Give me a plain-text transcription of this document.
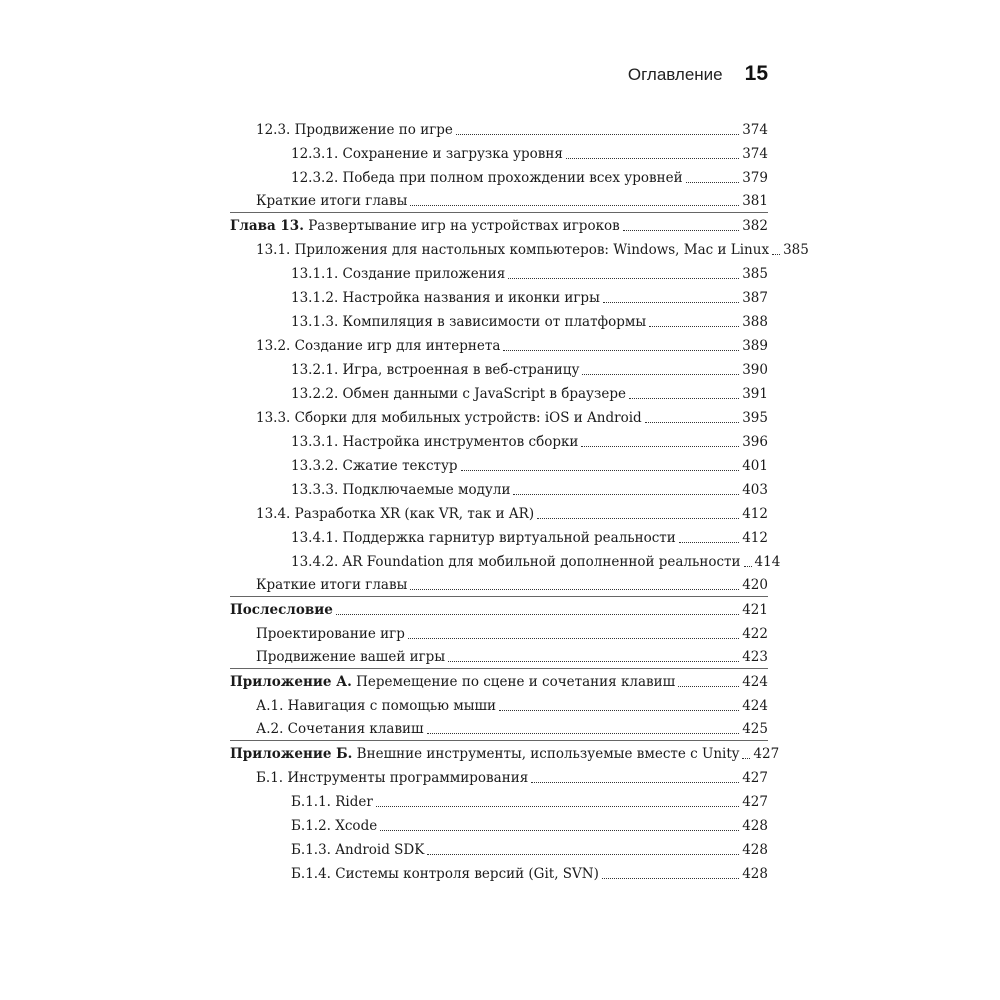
Оглавление 15
12.3. Продвижение по игре	374
12.3.1. Сохранение и загрузка уровня	374
12.3.2. Победа при полном прохождении всех уровней	379
Краткие итоги главы	381
Глава 13. Развертывание игр на устройствах игроков	382
13.1. Приложения для настольных компьютеров: Windows, Mac и Linux 385
13.1.1. Создание приложения	385
13.1.2. Настройка названия и иконки игры	387
13.1.3. Компиляция в зависимости от платформы	388
13.2. Создание игр для интернета	389
13.2.1. Игра, встроенная в веб-страницу	390
13.2.2. Обмен данными с JavaScript в браузере	391
13.3. Сборки для мобильных устройств: iOS и Android	395
13.3.1. Настройка инструментов сборки	396
13.3.2. Сжатие текстур	401
13.3.3. Подключаемые модули	403
13.4. Разработка XR (как VR, так и AR)	412
13.4.1. Поддержка гарнитур виртуальной реальности	412
13.4.2. AR Foundation для мобильной дополненной реальности 414
Краткие итоги главы	420
Послесловие	421
Проектирование игр	422
Продвижение вашей игры	423
Приложение А. Перемещение по сцене и сочетания клавиш	424
А.1. Навигация с помощью мыши	424
А.2. Сочетания клавиш	425
Приложение Б. Внешние инструменты, используемые вместе с Unity 427
Б.1. Инструменты программирования	427
Б.1.1. Rider	427
Б.1.2. Xcode	428
Б.1.3. Android SDK	428
Б.1.4. Системы контроля версий (Git, SVN)	428
